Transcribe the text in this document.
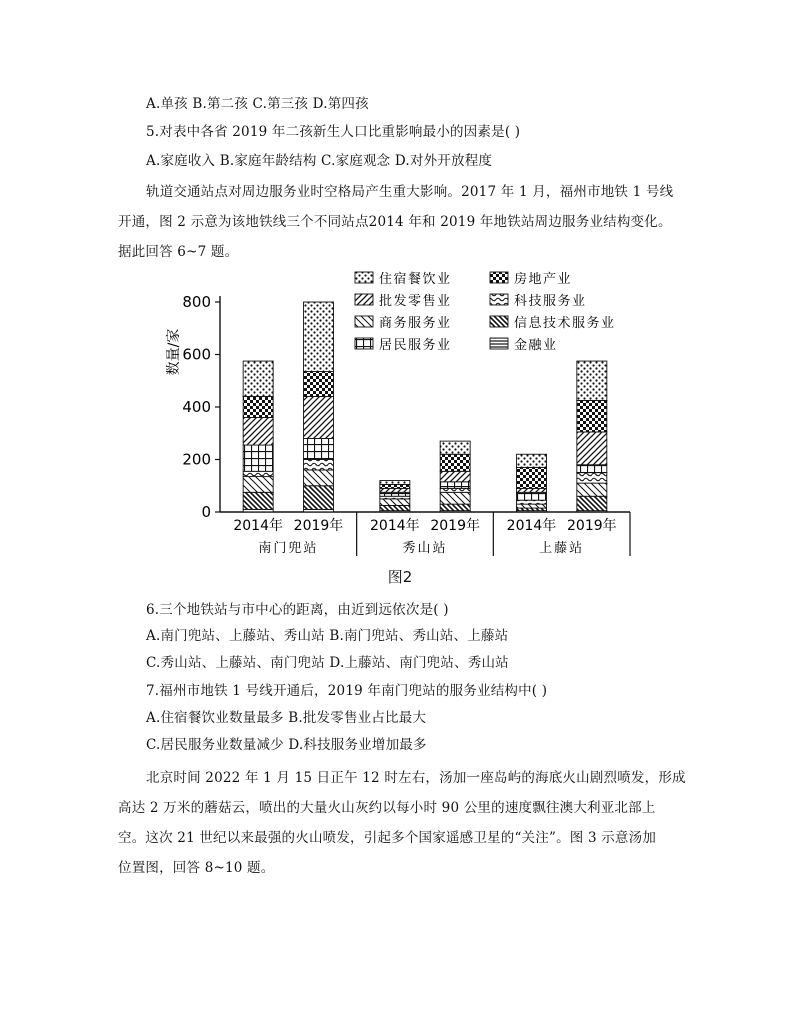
A.单孩 B.第二孩 C.第三孩 D.第四孩
5.对表中各省 2019 年二孩新生人口比重影响最小的因素是( )
A.家庭收入 B.家庭年龄结构 C.家庭观念 D.对外开放程度
轨道交通站点对周边服务业时空格局产生重大影响。2017 年 1 月，福州市地铁 1 号线
开通，图 2 示意为该地铁线三个不同站点2014 年和 2019 年地铁站周边服务业结构变化。
据此回答 6~7 题。
0
200
400
600
800
数量/家
2014年 2019年 2014年 2019年 2014年 2019年
南门兜站	秀山站	上藤站
住宿餐饮业	房地产业
批发零售业	科技服务业
商务服务业	信息技术服务业
居民服务业	金融业
图2
6.三个地铁站与市中心的距离，由近到远依次是( )
A.南门兜站、上藤站、秀山站 B.南门兜站、秀山站、上藤站
C.秀山站、上藤站、南门兜站 D.上藤站、南门兜站、秀山站
7.福州市地铁 1 号线开通后，2019 年南门兜站的服务业结构中( )
A.住宿餐饮业数量最多 B.批发零售业占比最大
C.居民服务业数量减少 D.科技服务业增加最多
北京时间 2022 年 1 月 15 日正午 12 时左右，汤加一座岛屿的海底火山剧烈喷发，形成
高达 2 万米的蘑菇云，喷出的大量火山灰约以每小时 90 公里的速度飘往澳大利亚北部上
空。这次 21 世纪以来最强的火山喷发，引起多个国家遥感卫星的“关注”。图 3 示意汤加
位置图，回答 8~10 题。
